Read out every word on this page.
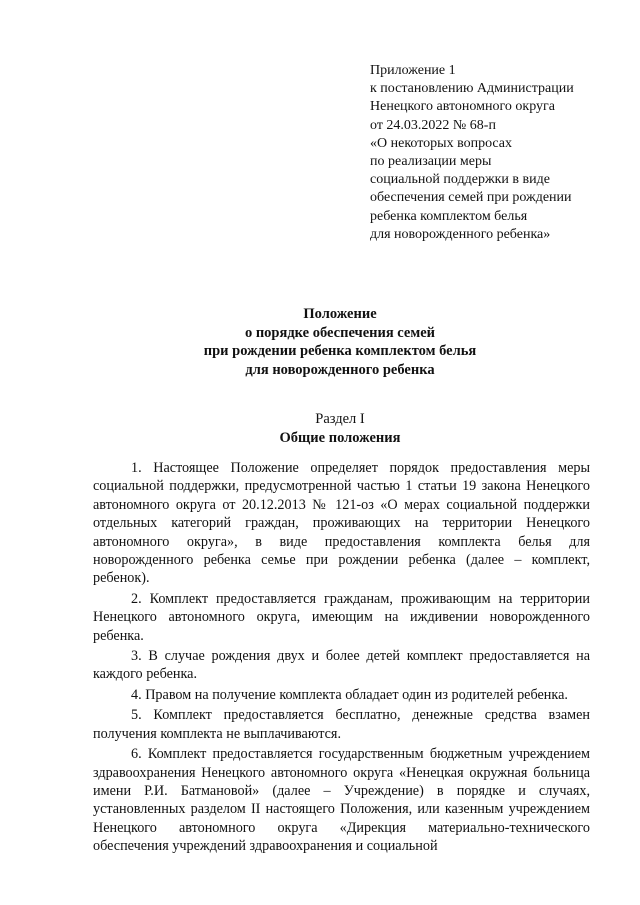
Приложение 1
к постановлению Администрации
Ненецкого автономного округа
от 24.03.2022 № 68-п
«О некоторых вопросах
по реализации меры
социальной поддержки в виде
обеспечения семей при рождении
ребенка комплектом белья
для новорожденного ребенка»
Положение
о порядке обеспечения семей
при рождении ребенка комплектом белья
для новорожденного ребенка
Раздел I
Общие положения

1. Настоящее Положение определяет порядок предоставления меры социальной поддержки, предусмотренной частью 1 статьи 19 закона Ненецкого автономного округа от 20.12.2013 № 121-оз «О мерах социальной поддержки отдельных категорий граждан, проживающих на территории Ненецкого автономного округа», в виде предоставления комплекта белья для новорожденного ребенка семье при рождении ребенка (далее – комплект, ребенок).

2. Комплект предоставляется гражданам, проживающим на территории Ненецкого автономного округа, имеющим на иждивении новорожденного ребенка.

3. В случае рождения двух и более детей комплект предоставляется на каждого ребенка.

4. Правом на получение комплекта обладает один из родителей ребенка.

5. Комплект предоставляется бесплатно, денежные средства взамен получения комплекта не выплачиваются.

6. Комплект предоставляется государственным бюджетным учреждением здравоохранения Ненецкого автономного округа «Ненецкая окружная больница имени Р.И. Батмановой» (далее – Учреждение) в порядке и случаях, установленных разделом II настоящего Положения, или казенным учреждением Ненецкого автономного округа «Дирекция материально-технического обеспечения учреждений здравоохранения и социальной
